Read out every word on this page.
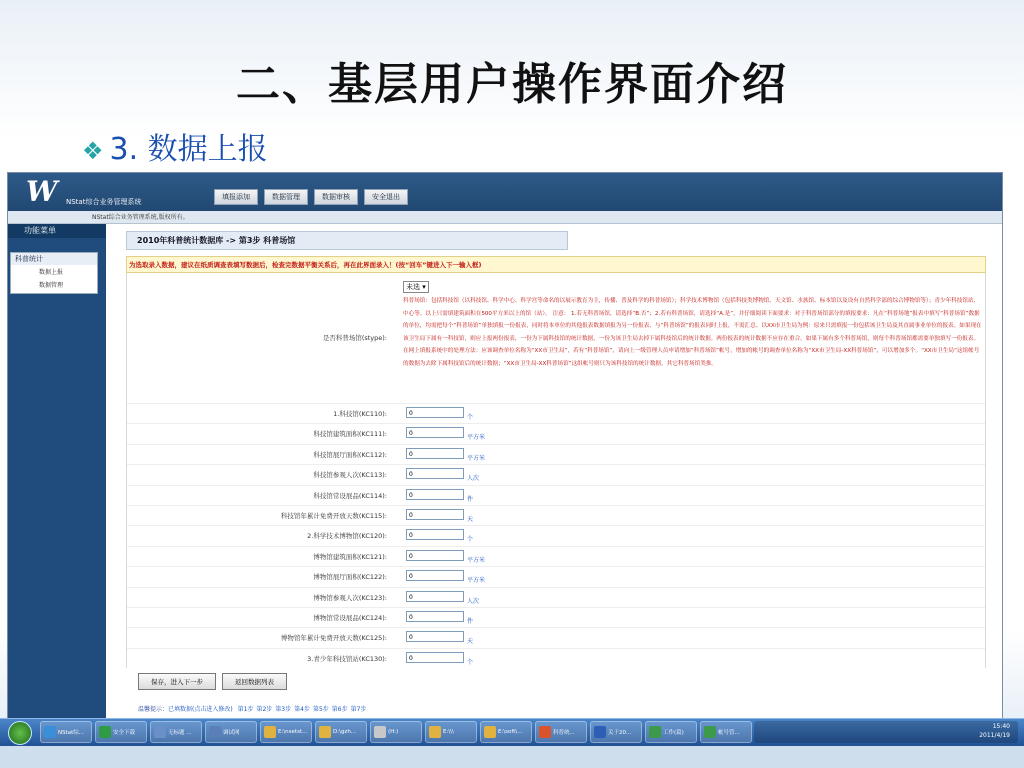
二、基层用户操作界面介绍
❖ 3. 数据上报
W NStat综合业务管理系统
填报添加	数据管理	数据审核	安全退出
NStat综合业务管理系统,版权所有。
功能菜单
科普统计
数据上报
数据管理
2010年科普统计数据库 -> 第3步 科普场馆
为选取录入数据，建议在纸质调查表填写数据后，检查完数据平衡关系后，再在此界面录入！(按“回车”键进入下一输入框)
是否科普场馆(stype):
未选 ▾
科普场馆：包括科技馆（以科技馆、科学中心、科学宫等命名的以展示教育为主，传播、普及科学的科普场馆）；科学技术博物馆（包括科技类博物馆、天文馆、水族馆、标本馆以及设有自然科学部的综合博物馆等）；青少年科技馆站、中心等。以上只需填建筑面积在500平方米以上的馆（站）。 注意： 1.若无科普场馆，请选择“B.否”；2.若有科普场馆，请选择“A.是”，并仔细阅读下面要求：对于科普场馆部分的填报要求：凡在“科普场地”报表中填写“科普场馆”数据的单位，均需把每个“科普场馆”单独填报一份报表，同时将本单位的其他报表数据填报为另一份报表，与“科普场馆”的报表同时上报，不需汇总。以XX市卫生局为例：原来只需填报一份包括该卫生局及其直属事业单位的报表。如果现在该卫生局下属有一科技馆，则应上报两份报表，一份为下属科技馆的统计数据，一份为该卫生局去掉下属科技馆后的统计数据。两份报表的统计数据不应存在重合。如果下属有多个科普场馆，则每个科普场馆都需要单独填写一份报表。 在网上填报系统中的处理方法：应该调查单位名称为“XX市卫生局”，若有“科普场馆”，请向上一级管理人员申请增加“科普场馆”帐号，增加的帐号的调查单位名称为“XX市卫生局-XX科普场馆”，可以增加多个。“XX市卫生局”这组帐号的数据为去除下属科技馆后的统计数据；“XX市卫生局-XX科普场馆”这组帐号则只为该科技馆的统计数据，其它科普场馆类推。
1.科技馆(KC110):	0
个
科技馆建筑面积(KC111):	0
平方米
科技馆展厅面积(KC112):	0
平方米
科技馆参观人次(KC113):	0
人次
科技馆常设展品(KC114):	0
件
科技馆年累计免费开放天数(KC115):	0
天
2.科学技术博物馆(KC120):	0
个
博物馆建筑面积(KC121):	0
平方米
博物馆展厅面积(KC122):	0
平方米
博物馆参观人次(KC123):	0
人次
博物馆常设展品(KC124):	0
件
博物馆年累计免费开放天数(KC125):	0
天
3.青少年科技馆站(KC130):	0
个
保存，进入下一步	返回数据列表
温馨提示：已填数据(点击进入修改) 第1步 第2步 第3步 第4步 第5步 第6步 第7步
NStat综...	安全下载	无标题 ...	调试网	E:\nsetst...	D:\gzh...	(H:)	E:\\\	E:\soft\...	科普统...	关于20...	工作(篇)	帐号管...
15:40
2011/4/19
